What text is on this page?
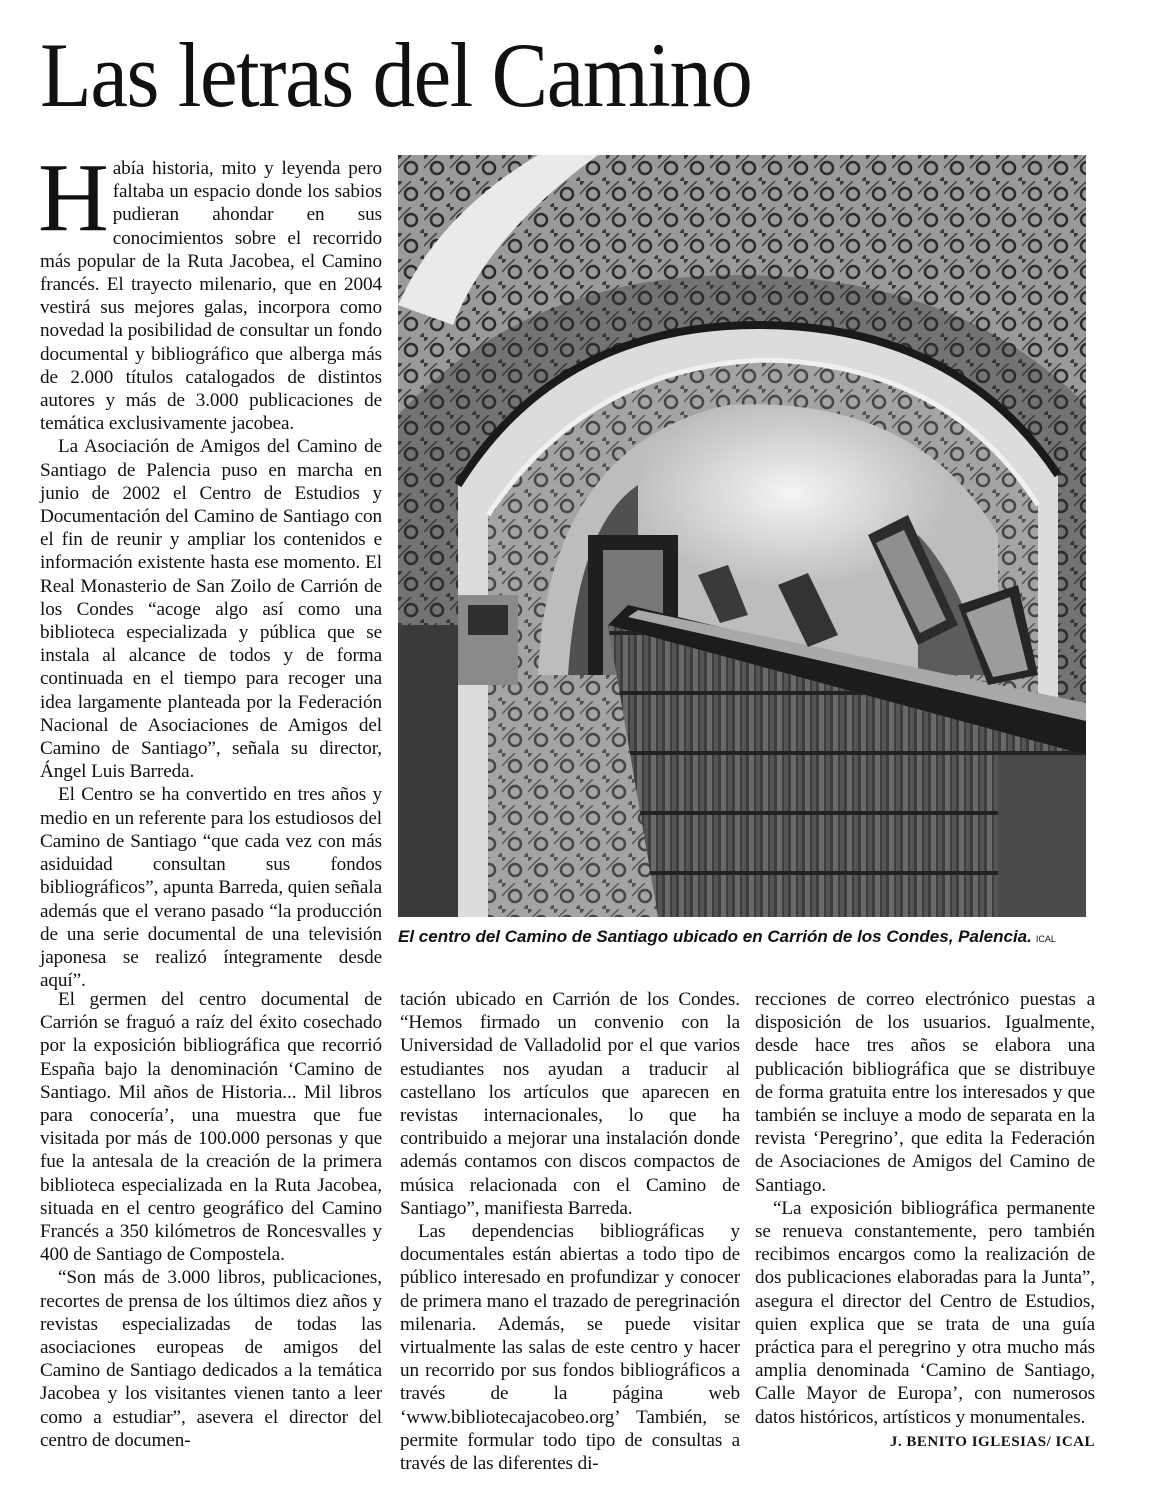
Las letras del Camino

Había historia, mito y leyenda pero faltaba un espacio donde los sabios pudieran ahondar en sus conocimientos sobre el recorrido más popular de la Ruta Jacobea, el Camino francés. El trayecto milenario, que en 2004 vestirá sus mejores galas, incorpora como novedad la posibilidad de consultar un fondo documental y bibliográfico que alberga más de 2.000 títulos catalogados de distintos autores y más de 3.000 publicaciones de temática exclusivamente jacobea.

La Asociación de Amigos del Camino de Santiago de Palencia puso en marcha en junio de 2002 el Centro de Estudios y Documentación del Camino de Santiago con el fin de reunir y ampliar los contenidos e información existente hasta ese momento. El Real Monasterio de San Zoilo de Carrión de los Condes “acoge algo así como una biblioteca especializada y pública que se instala al alcance de todos y de forma continuada en el tiempo para recoger una idea largamente planteada por la Federación Nacional de Asociaciones de Amigos del Camino de Santiago”, señala su director, Ángel Luis Barreda.

El Centro se ha convertido en tres años y medio en un referente para los estudiosos del Camino de Santiago “que cada vez con más asiduidad consultan sus fondos bibliográficos”, apunta Barreda, quien señala además que el verano pasado “la producción de una serie documental de una televisión japonesa se realizó íntegramente desde aquí”.

El centro del Camino de Santiago ubicado en Carrión de los Condes, Palencia. ICAL

El germen del centro documental de Carrión se fraguó a raíz del éxito cosechado por la exposición bibliográfica que recorrió España bajo la denominación ‘Camino de Santiago. Mil años de Historia... Mil libros para conocería’, una muestra que fue visitada por más de 100.000 personas y que fue la antesala de la creación de la primera biblioteca especializada en la Ruta Jacobea, situada en el centro geográfico del Camino Francés a 350 kilómetros de Roncesvalles y 400 de Santiago de Compostela.

“Son más de 3.000 libros, publicaciones, recortes de prensa de los últimos diez años y revistas especializadas de todas las asociaciones europeas de amigos del Camino de Santiago dedicados a la temática Jacobea y los visitantes vienen tanto a leer como a estudiar”, asevera el director del centro de documen-

tación ubicado en Carrión de los Condes. “Hemos firmado un convenio con la Universidad de Valladolid por el que varios estudiantes nos ayudan a traducir al castellano los artículos que aparecen en revistas internacionales, lo que ha contribuido a mejorar una instalación donde además contamos con discos compactos de música relacionada con el Camino de Santiago”, manifiesta Barreda.

Las dependencias bibliográficas y documentales están abiertas a todo tipo de público interesado en profundizar y conocer de primera mano el trazado de peregrinación milenaria. Además, se puede visitar virtualmente las salas de este centro y hacer un recorrido por sus fondos bibliográficos a través de la página web ‘www.bibliotecajacobeo.org’ También, se permite formular todo tipo de consultas a través de las diferentes di-

recciones de correo electrónico puestas a disposición de los usuarios. Igualmente, desde hace tres años se elabora una publicación bibliográfica que se distribuye de forma gratuita entre los interesados y que también se incluye a modo de separata en la revista ‘Peregrino’, que edita la Federación de Asociaciones de Amigos del Camino de Santiago.

“La exposición bibliográfica permanente se renueva constantemente, pero también recibimos encargos como la realización de dos publicaciones elaboradas para la Junta”, asegura el director del Centro de Estudios, quien explica que se trata de una guía práctica para el peregrino y otra mucho más amplia denominada ‘Camino de Santiago, Calle Mayor de Europa’, con numerosos datos históricos, artísticos y monumentales.

J. BENITO IGLESIAS/ ICAL
